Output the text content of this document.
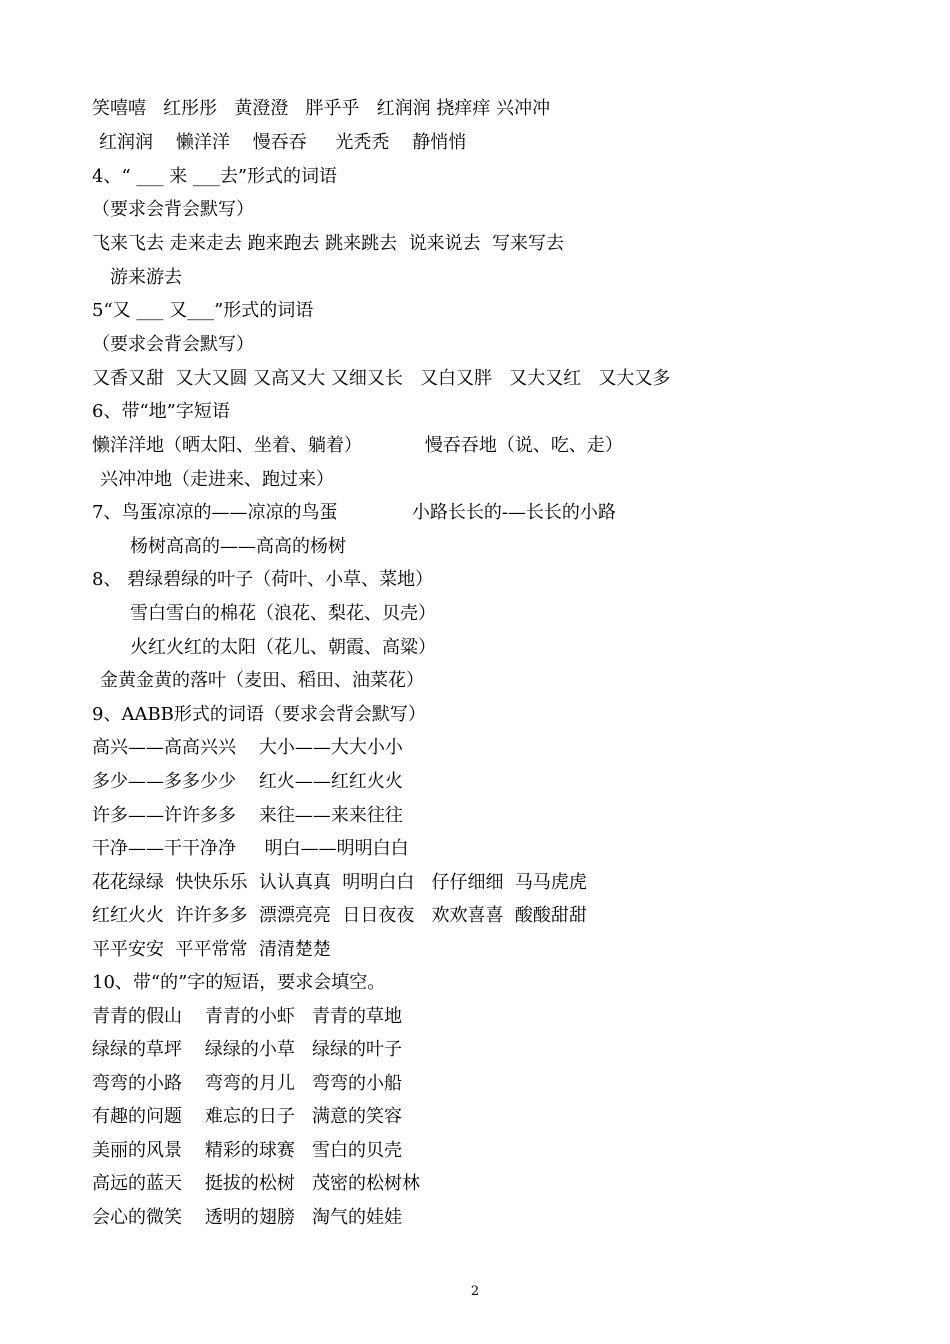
笑嘻嘻   红彤彤   黄澄澄   胖乎乎   红润润 挠痒痒 兴冲冲
红润润    懒洋洋    慢吞吞     光秃秃    静悄悄
4、“ ___ 来 ___去”形式的词语
（要求会背会默写）
飞来飞去 走来走去 跑来跑去 跳来跳去  说来说去  写来写去
游来游去
5“又 ___ 又___”形式的词语
（要求会背会默写）
又香又甜  又大又圆 又高又大 又细又长   又白又胖   又大又红   又大又多
6、带“地”字短语
懒洋洋地（晒太阳、坐着、躺着）           慢吞吞地（说、吃、走）
兴冲冲地（走进来、跑过来）
7、鸟蛋凉凉的——凉凉的鸟蛋             小路长长的-—长长的小路
杨树高高的——高高的杨树
8、 碧绿碧绿的叶子（荷叶、小草、菜地）
雪白雪白的棉花（浪花、梨花、贝壳）
火红火红的太阳（花儿、朝霞、高粱）
金黄金黄的落叶（麦田、稻田、油菜花）
9、AABB形式的词语（要求会背会默写）
高兴——高高兴兴    大小——大大小小
多少——多多少少    红火——红红火火
许多——许许多多    来往——来来往往
干净——干干净净     明白——明明白白
花花绿绿  快快乐乐  认认真真  明明白白   仔仔细细  马马虎虎
红红火火  许许多多  漂漂亮亮  日日夜夜   欢欢喜喜  酸酸甜甜
平平安安  平平常常  清清楚楚
10、带“的”字的短语，要求会填空。
青青的假山    青青的小虾   青青的草地
绿绿的草坪    绿绿的小草   绿绿的叶子
弯弯的小路    弯弯的月儿   弯弯的小船
有趣的问题    难忘的日子   满意的笑容
美丽的风景    精彩的球赛   雪白的贝壳
高远的蓝天    挺拔的松树   茂密的松树林
会心的微笑    透明的翅膀   淘气的娃娃
2
